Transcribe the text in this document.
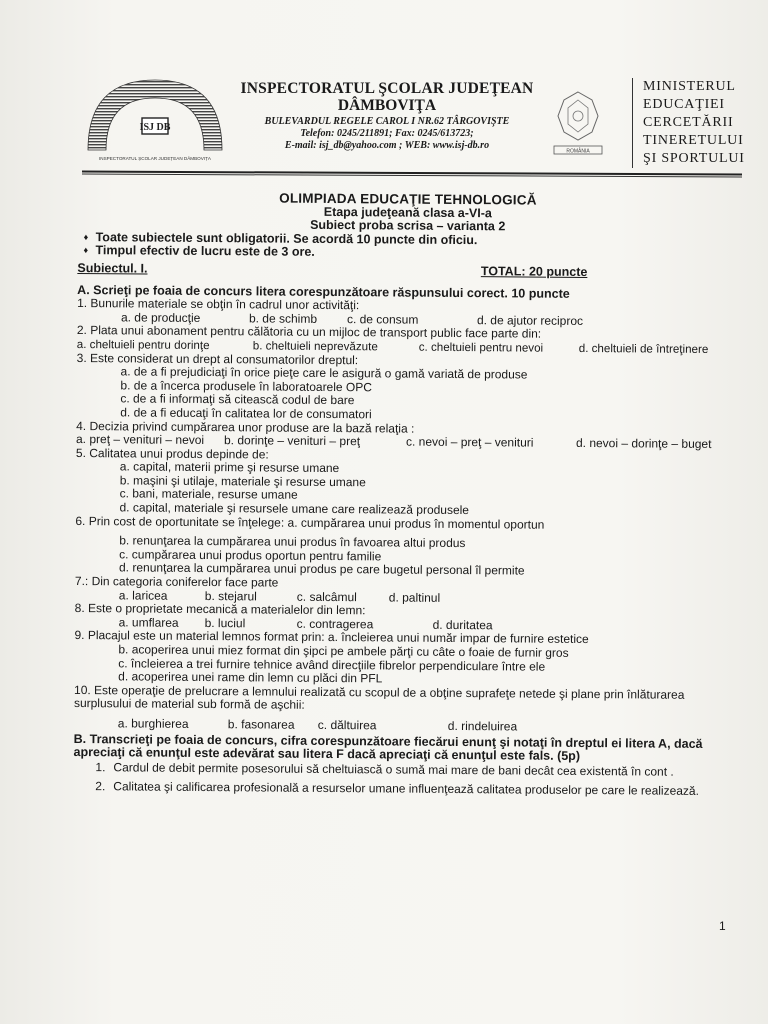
ISJ DB
INSPECTORATUL ȘCOLAR JUDEȚEAN DÂMBOVIȚA
INSPECTORATUL ŞCOLAR JUDEŢEAN
DÂMBOVIŢA
BULEVARDUL REGELE CAROL I NR.62 TÂRGOVIŞTE
Telefon: 0245/211891; Fax: 0245/613723;
E-mail: isj_db@yahoo.com ; WEB: www.isj-db.ro
ROMÂNIA
MINISTERUL
EDUCAŢIEI
CERCETĂRII
TINERETULUI
ŞI SPORTULUI
OLIMPIADA EDUCAŢIE TEHNOLOGICĂ
Etapa judeţeană clasa a-VI-a
Subiect proba scrisa – varianta 2
♦ Toate subiectele sunt obligatorii. Se acordă 10 puncte din oficiu.
♦ Timpul efectiv de lucru este de 3 ore.
Subiectul. I.	TOTAL: 20 puncte
A. Scrieţi pe foaia de concurs litera corespunzătoare răspunsului corect. 10 puncte
1. Bunurile materiale se obţin în cadrul unor activităţi:
a. de producţie	b. de schimb	c. de consum	d. de ajutor reciproc
2. Plata unui abonament pentru călătoria cu un mijloc de transport public face parte din:
a. cheltuieli pentru dorinţe	b. cheltuieli neprevăzute	c. cheltuieli pentru nevoi	d. cheltuieli de întreţinere
3. Este considerat un drept al consumatorilor dreptul:
a. de a fi prejudiciaţi în orice pieţe care le asigură o gamă variată de produse
b. de a încerca produsele în laboratoarele OPC
c. de a fi informaţi să citească codul de bare
d. de a fi educaţi în calitatea lor de consumatori
4. Decizia privind cumpărarea unor produse are la bază relaţia :
a. preţ – venituri – nevoi	b. dorinţe – venituri – preţ	c. nevoi – preţ – venituri	d. nevoi – dorinţe – buget
5. Calitatea unui produs depinde de:
a. capital, materii prime şi resurse umane
b. maşini şi utilaje, materiale şi resurse umane
c. bani, materiale, resurse umane
d. capital, materiale şi resursele umane care realizează produsele
6. Prin cost de oportunitate se înţelege: a. cumpărarea unui produs în momentul oportun
b. renunţarea la cumpărarea unui produs în favoarea altui produs
c. cumpărarea unui produs oportun pentru familie
d. renunţarea la cumpărarea unui produs pe care bugetul personal îl permite
7.: Din categoria coniferelor face parte
a. laricea	b. stejarul	c. salcâmul	d. paltinul
8. Este o proprietate mecanică a materialelor din lemn:
a. umflarea	b. luciul	c. contragerea	d. duritatea
9. Placajul este un material lemnos format prin: a. încleierea unui număr impar de furnire estetice
b. acoperirea unui miez format din şipci pe ambele părţi cu câte o foaie de furnir gros
c. încleierea a trei furnire tehnice având direcţiile fibrelor perpendiculare între ele
d. acoperirea unei rame din lemn cu plăci din PFL
10. Este operaţie de prelucrare a lemnului realizată cu scopul de a obţine suprafeţe netede şi plane prin înlăturarea surplusului de material sub formă de aşchii:
a. burghierea	b. fasonarea	c. dăltuirea	d. rindeluirea
B. Transcrieţi pe foaia de concurs, cifra corespunzătoare fiecărui enunţ şi notaţi în dreptul ei litera A, dacă apreciaţi că enunţul este adevărat sau litera F dacă apreciaţi că enunţul este fals. (5p)
1. Cardul de debit permite posesorului să cheltuiască o sumă mai mare de bani decât cea existentă în cont .
2. Calitatea şi calificarea profesională a resurselor umane influenţează calitatea produselor pe care le realizează.
1
